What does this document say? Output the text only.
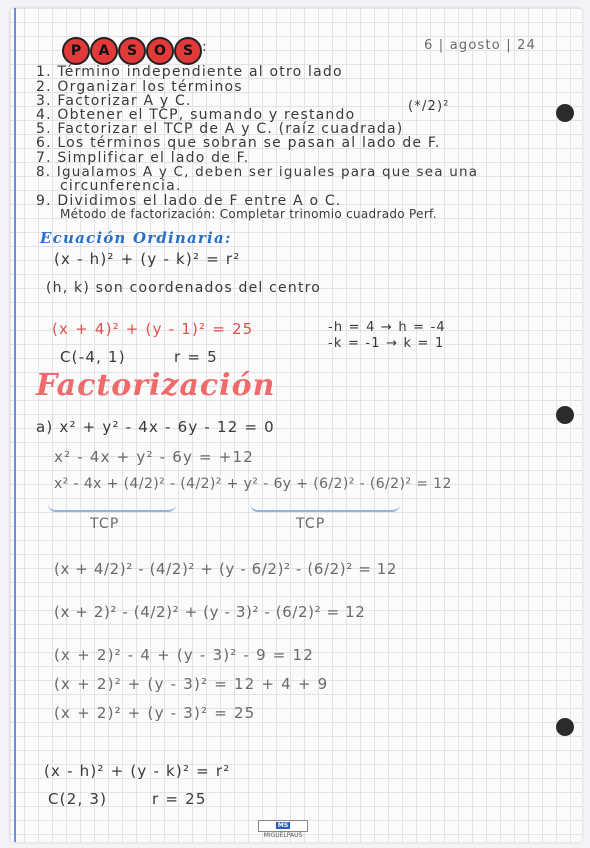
P	A	S	O	S :	6 | agosto | 24
1. Término independiente al otro lado
2. Organizar los términos
3. Factorizar A y C.
4. Obtener el TCP, sumando y restando
(*/2)²
5. Factorizar el TCP de A y C. (raíz cuadrada)
6. Los términos que sobran se pasan al lado de F.
7. Simplificar el lado de F.
8. Igualamos A y C, deben ser iguales para que sea una
circunferencia.
9. Dividimos el lado de F entre A o C.
Método de factorización: Completar trinomio cuadrado Perf.
Ecuación Ordinaria:
(x - h)² + (y - k)² = r²
(h, k) son coordenados del centro
(x + 4)² + (y - 1)² = 25
C(-4, 1)	r = 5
-h = 4 → h = -4
-k = -1 → k = 1
Factorización
a) x² + y² - 4x - 6y - 12 = 0
x² - 4x + y² - 6y = +12
x² - 4x + (4/2)² - (4/2)² + y² - 6y + (6/2)² - (6/2)² = 12
TCP	TCP
(x + 4/2)² - (4/2)² + (y - 6/2)² - (6/2)² = 12
(x + 2)² - (4/2)² + (y - 3)² - (6/2)² = 12
(x + 2)² - 4 + (y - 3)² - 9 = 12
(x + 2)² + (y - 3)² = 12 + 4 + 9
(x + 2)² + (y - 3)² = 25
(x - h)² + (y - k)² = r²
C(2, 3)	r = 25
MS MIGUELPAUS
